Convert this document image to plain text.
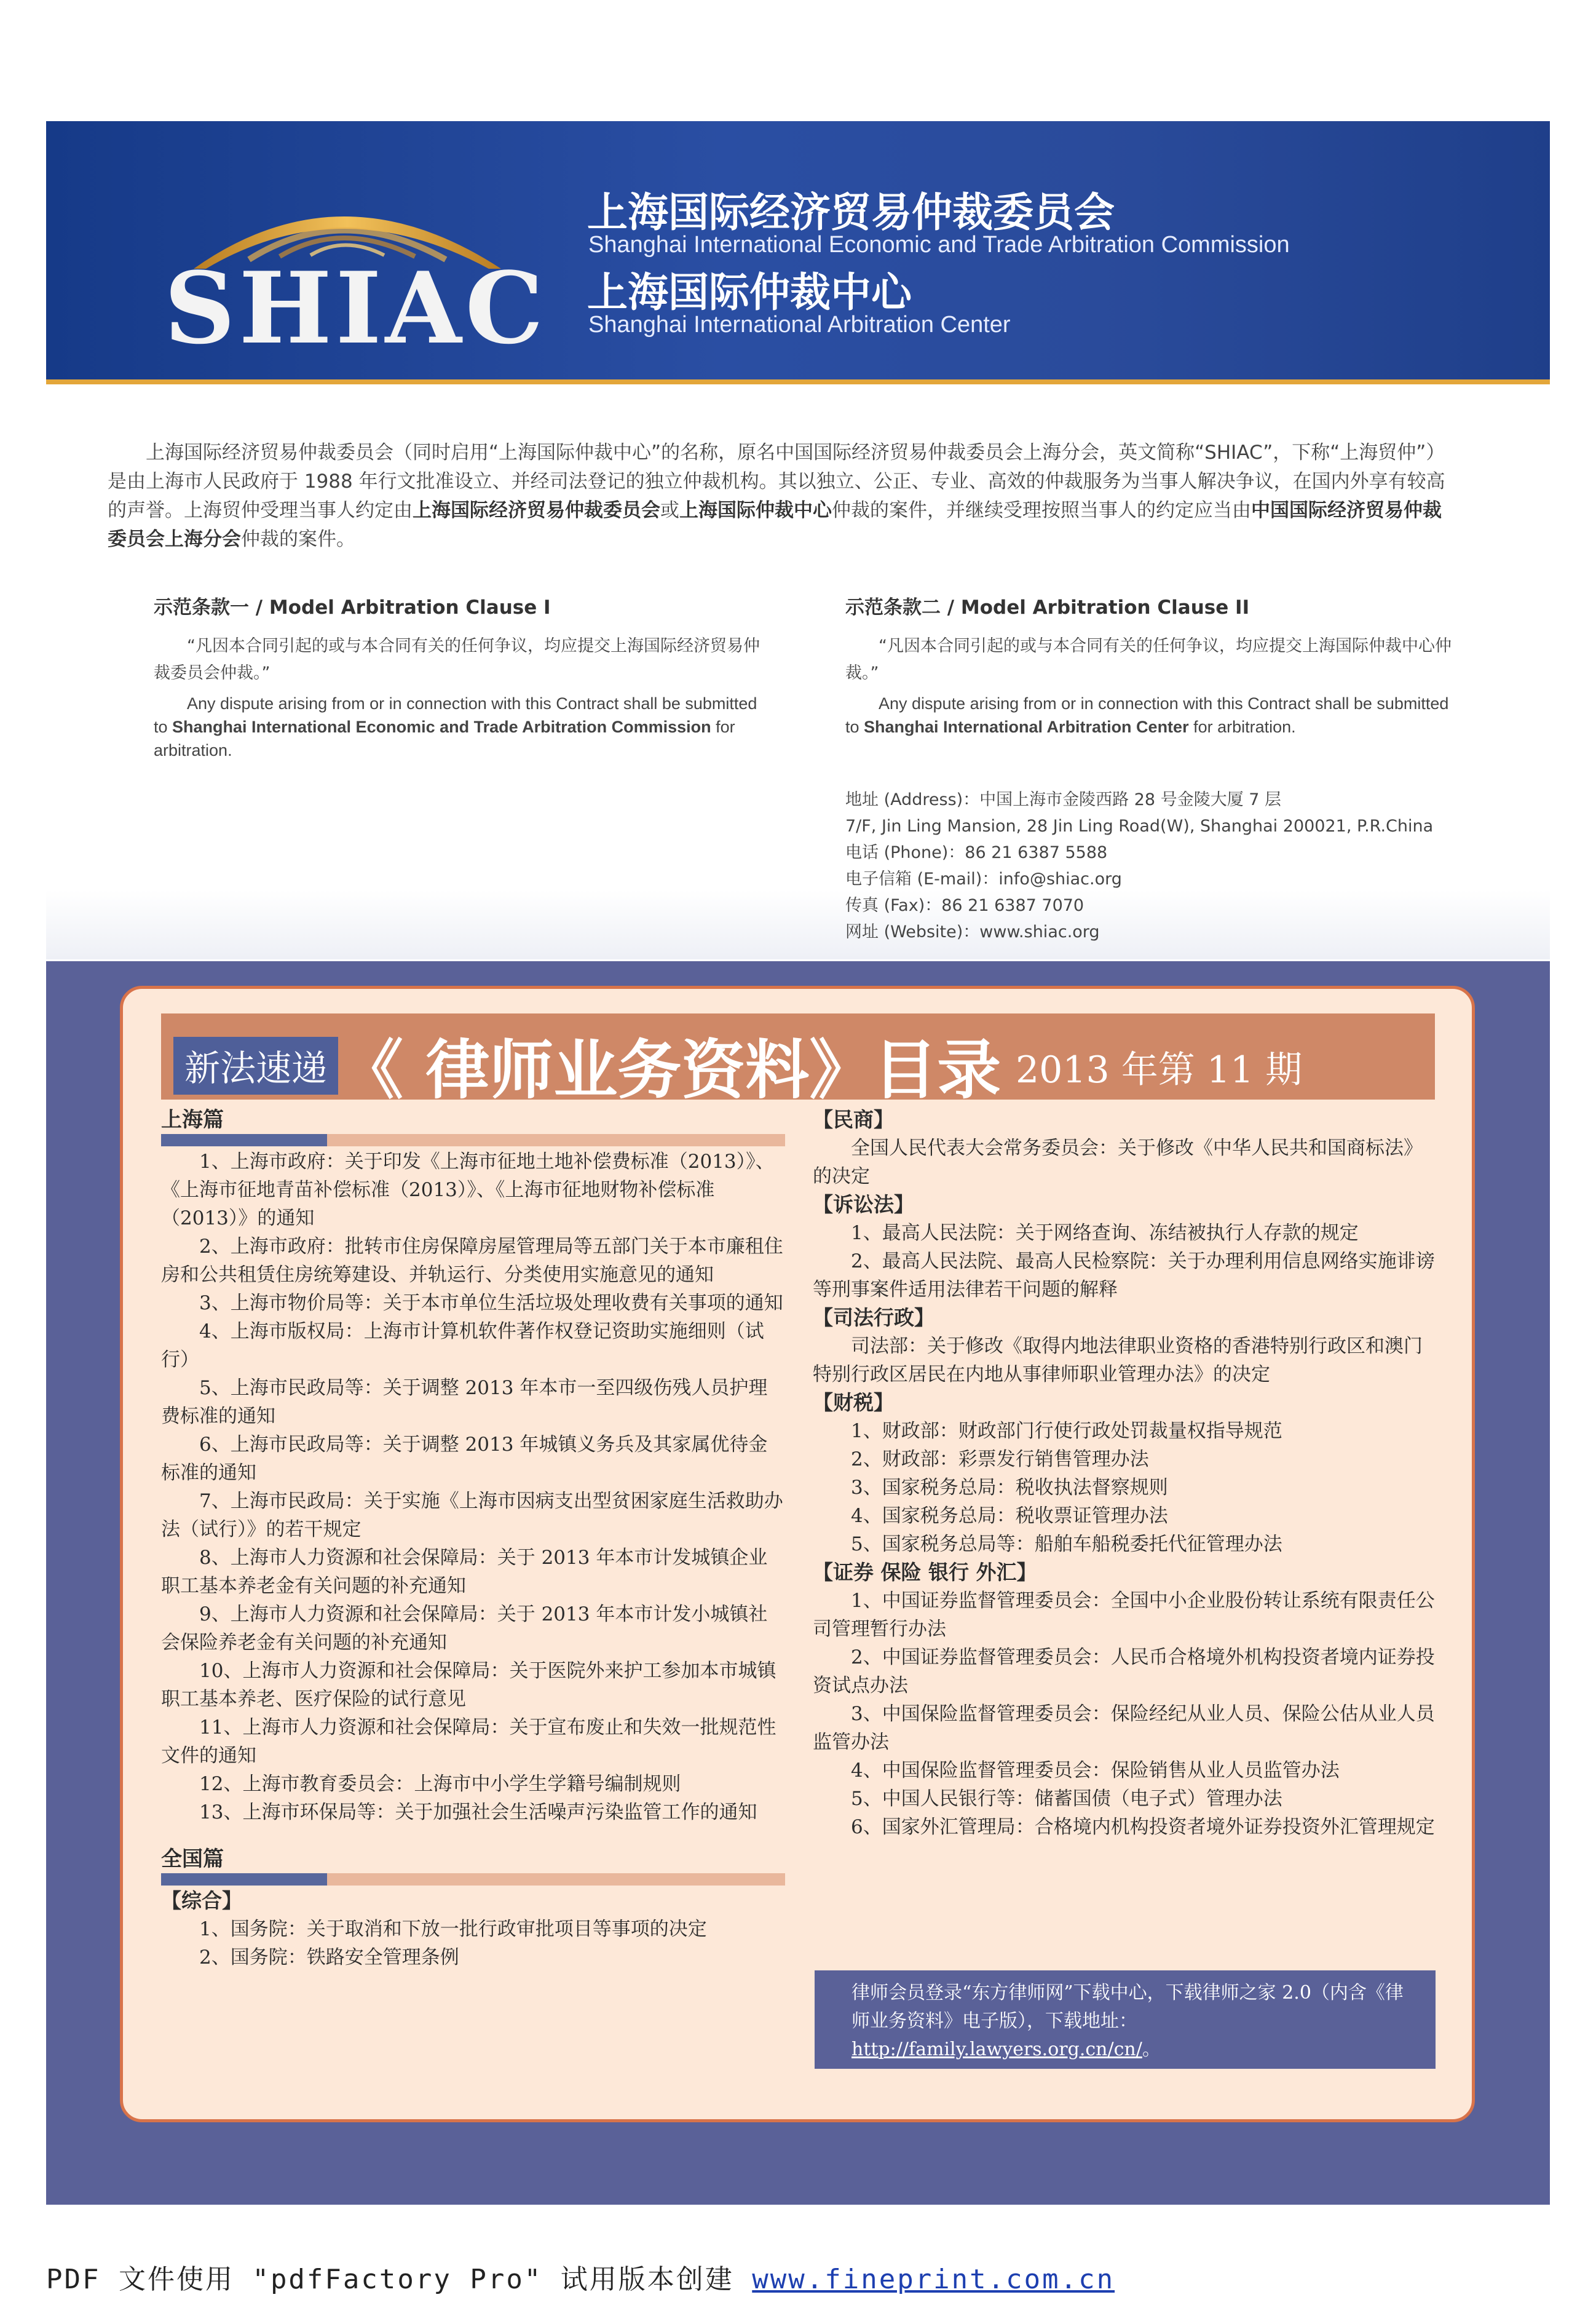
SHIAC
上海国际经济贸易仲裁委员会
Shanghai International Economic and Trade Arbitration Commission
上海国际仲裁中心
Shanghai International Arbitration Center
上海国际经济贸易仲裁委员会（同时启用“上海国际仲裁中心”的名称，原名中国国际经济贸易仲裁委员会上海分会，英文简称“SHIAC”，下称“上海贸仲”）是由上海市人民政府于 1988 年行文批准设立、并经司法登记的独立仲裁机构。其以独立、公正、专业、高效的仲裁服务为当事人解决争议，在国内外享有较高的声誉。上海贸仲受理当事人约定由上海国际经济贸易仲裁委员会或上海国际仲裁中心仲裁的案件，并继续受理按照当事人的约定应当由中国国际经济贸易仲裁委员会上海分会仲裁的案件。
示范条款一 / Model Arbitration Clause I
“凡因本合同引起的或与本合同有关的任何争议，均应提交上海国际经济贸易仲裁委员会仲裁。”
Any dispute arising from or in connection with this Contract shall be submitted to Shanghai International Economic and Trade Arbitration Commission for arbitration.
示范条款二 / Model Arbitration Clause II
“凡因本合同引起的或与本合同有关的任何争议，均应提交上海国际仲裁中心仲裁。”
Any dispute arising from or in connection with this Contract shall be submitted to Shanghai International Arbitration Center for arbitration.
地址 (Address)：中国上海市金陵西路 28 号金陵大厦 7 层
7/F, Jin Ling Mansion, 28 Jin Ling Road(W), Shanghai 200021, P.R.China
电话 (Phone)：86 21 6387 5588
电子信箱 (E-mail)：info@shiac.org
传真 (Fax)：86 21 6387 7070
网址 (Website)：www.shiac.org
新法速递 《 律师业务资料》目录 2013 年第 11 期
上海篇

1、上海市政府：关于印发《上海市征地土地补偿费标准（2013）》、《上海市征地青苗补偿标准（2013）》、《上海市征地财物补偿标准（2013）》的通知

2、上海市政府：批转市住房保障房屋管理局等五部门关于本市廉租住房和公共租赁住房统筹建设、并轨运行、分类使用实施意见的通知

3、上海市物价局等：关于本市单位生活垃圾处理收费有关事项的通知

4、上海市版权局：上海市计算机软件著作权登记资助实施细则（试行）

5、上海市民政局等：关于调整 2013 年本市一至四级伤残人员护理费标准的通知

6、上海市民政局等：关于调整 2013 年城镇义务兵及其家属优待金标准的通知

7、上海市民政局：关于实施《上海市因病支出型贫困家庭生活救助办法（试行）》的若干规定

8、上海市人力资源和社会保障局：关于 2013 年本市计发城镇企业职工基本养老金有关问题的补充通知

9、上海市人力资源和社会保障局：关于 2013 年本市计发小城镇社会保险养老金有关问题的补充通知

10、上海市人力资源和社会保障局：关于医院外来护工参加本市城镇职工基本养老、医疗保险的试行意见

11、上海市人力资源和社会保障局：关于宣布废止和失效一批规范性文件的通知

12、上海市教育委员会：上海市中小学生学籍号编制规则

13、上海市环保局等：关于加强社会生活噪声污染监管工作的通知

全国篇
【综合】

1、国务院：关于取消和下放一批行政审批项目等事项的决定

2、国务院：铁路安全管理条例

【民商】

全国人民代表大会常务委员会：关于修改《中华人民共和国商标法》的决定

【诉讼法】

1、最高人民法院：关于网络查询、冻结被执行人存款的规定

2、最高人民法院、最高人民检察院：关于办理利用信息网络实施诽谤等刑事案件适用法律若干问题的解释

【司法行政】

司法部：关于修改《取得内地法律职业资格的香港特别行政区和澳门特别行政区居民在内地从事律师职业管理办法》的决定

【财税】

1、财政部：财政部门行使行政处罚裁量权指导规范

2、财政部：彩票发行销售管理办法

3、国家税务总局：税收执法督察规则

4、国家税务总局：税收票证管理办法

5、国家税务总局等：船舶车船税委托代征管理办法

【证券 保险 银行 外汇】

1、中国证券监督管理委员会：全国中小企业股份转让系统有限责任公司管理暂行办法

2、中国证券监督管理委员会：人民币合格境外机构投资者境内证券投资试点办法

3、中国保险监督管理委员会：保险经纪从业人员、保险公估从业人员监管办法

4、中国保险监督管理委员会：保险销售从业人员监管办法

5、中国人民银行等：储蓄国债（电子式）管理办法

6、国家外汇管理局：合格境内机构投资者境外证券投资外汇管理规定

律师会员登录“东方律师网”下载中心，下载律师之家 2.0（内含《律师业务资料》电子版），下载地址：http://family.lawyers.org.cn/cn/。
PDF 文件使用 "pdfFactory Pro" 试用版本创建 www.fineprint.com.cn
